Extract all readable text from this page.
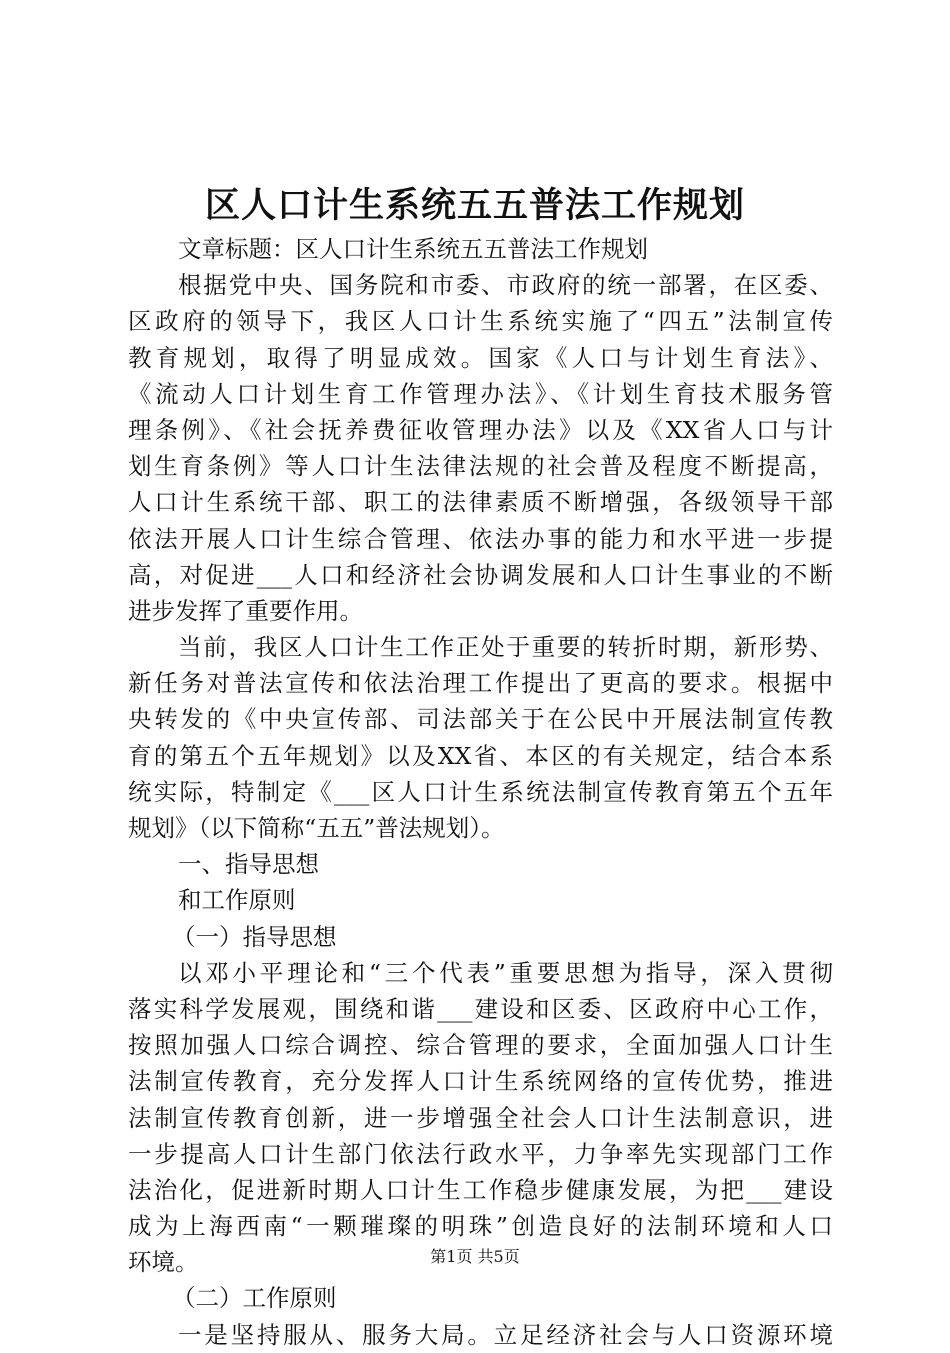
区人口计生系统五五普法工作规划
文章标题：区人口计生系统五五普法工作规划
根据党中央、国务院和市委、市政府的统一部署，在区委、
区政府的领导下，我区人口计生系统实施了“四五”法制宣传
教育规划，取得了明显成效。国家《人口与计划生育法》、
《流动人口计划生育工作管理办法》、《计划生育技术服务管
理条例》、《社会抚养费征收管理办法》以及《XX省人口与计
划生育条例》等人口计生法律法规的社会普及程度不断提高，
人口计生系统干部、职工的法律素质不断增强，各级领导干部
依法开展人口计生综合管理、依法办事的能力和水平进一步提
高，对促进___人口和经济社会协调发展和人口计生事业的不断
进步发挥了重要作用。
当前，我区人口计生工作正处于重要的转折时期，新形势、
新任务对普法宣传和依法治理工作提出了更高的要求。根据中
央转发的《中央宣传部、司法部关于在公民中开展法制宣传教
育的第五个五年规划》以及XX省、本区的有关规定，结合本系
统实际，特制定《___区人口计生系统法制宣传教育第五个五年
规划》（以下简称“五五”普法规划）。
一、指导思想
和工作原则
（一）指导思想
以邓小平理论和“三个代表”重要思想为指导，深入贯彻
落实科学发展观，围绕和谐___建设和区委、区政府中心工作，
按照加强人口综合调控、综合管理的要求，全面加强人口计生
法制宣传教育，充分发挥人口计生系统网络的宣传优势，推进
法制宣传教育创新，进一步增强全社会人口计生法制意识，进
一步提高人口计生部门依法行政水平，力争率先实现部门工作
法治化，促进新时期人口计生工作稳步健康发展，为把___建设
成为上海西南“一颗璀璨的明珠”创造良好的法制环境和人口
环境。
（二）工作原则
一是坚持服从、服务大局。立足经济社会与人口资源环境
第1页 共5页
